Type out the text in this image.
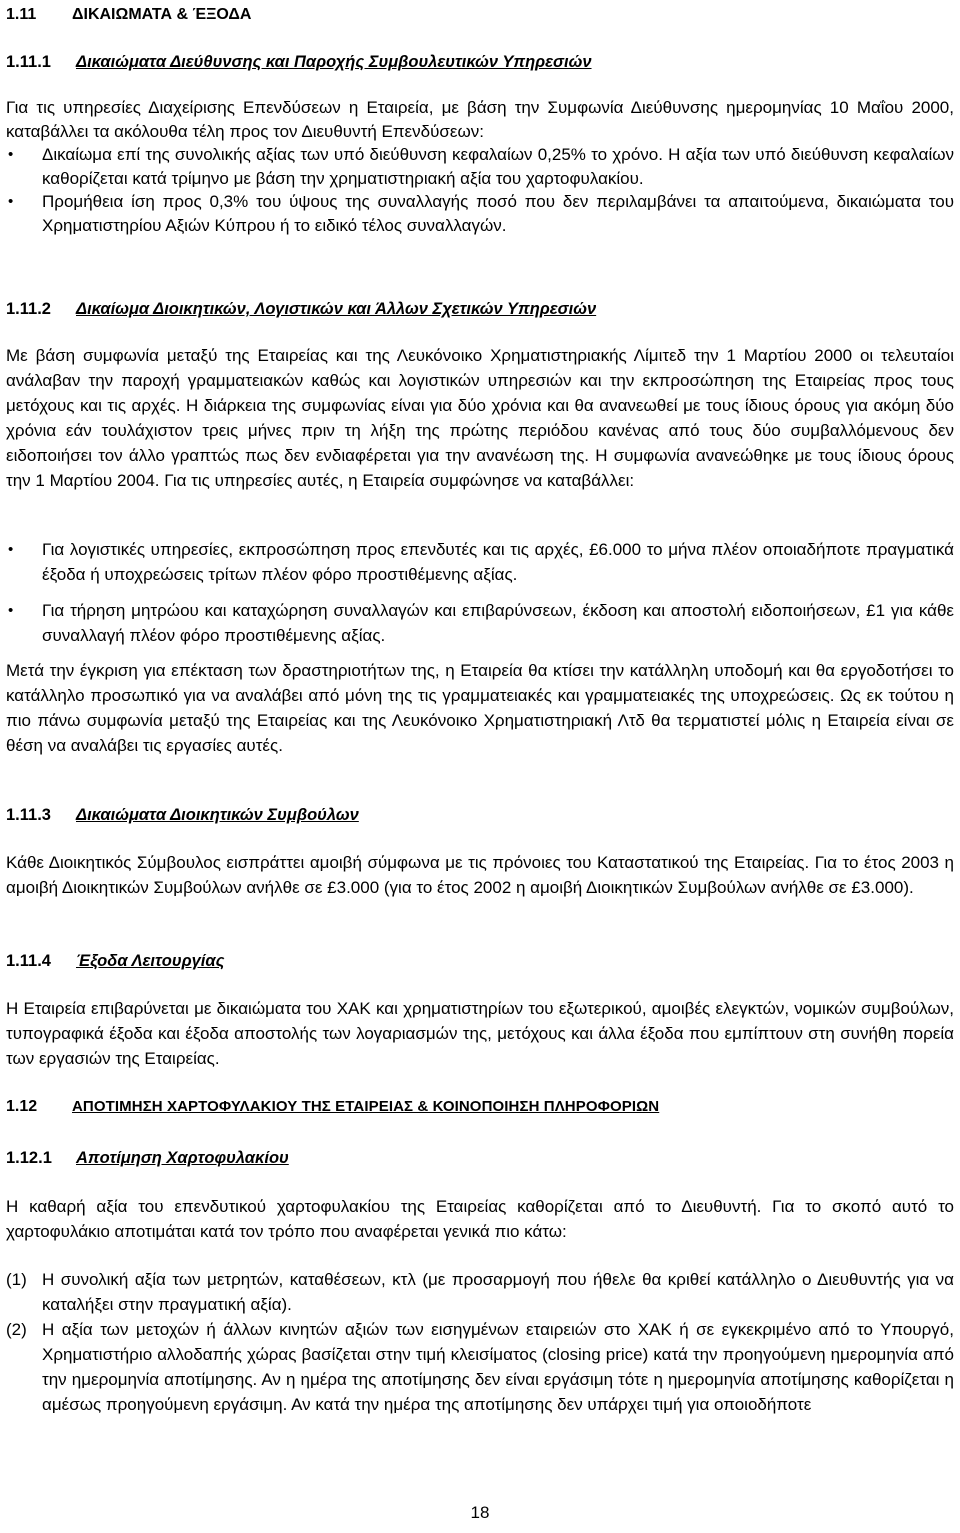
1.11 ΔΙΚΑΙΩΜΑΤΑ & ΈΞΟΔΑ
1.11.1 Δικαιώματα Διεύθυνσης και Παροχής Συμβουλευτικών Υπηρεσιών
Για τις υπηρεσίες Διαχείρισης Επενδύσεων η Εταιρεία, με βάση την Συμφωνία Διεύθυνσης ημερομηνίας 10 Μαΐου 2000, καταβάλλει τα ακόλουθα τέλη προς τον Διευθυντή Επενδύσεων:
• Δικαίωμα επί της συνολικής αξίας των υπό διεύθυνση κεφαλαίων 0,25% το χρόνο. Η αξία των υπό διεύθυνση κεφαλαίων καθορίζεται κατά τρίμηνο με βάση την χρηματιστηριακή αξία του χαρτοφυλακίου.
• Προμήθεια ίση προς 0,3% του ύψους της συναλλαγής ποσό που δεν περιλαμβάνει τα απαιτούμενα, δικαιώματα του Χρηματιστηρίου Αξιών Κύπρου ή το ειδικό τέλος συναλλαγών.
1.11.2 Δικαίωμα Διοικητικών, Λογιστικών και Άλλων Σχετικών Υπηρεσιών
Με βάση συμφωνία μεταξύ της Εταιρείας και της Λευκόνοικο Χρηματιστηριακής Λίμιτεδ την 1 Μαρτίου 2000 οι τελευταίοι ανάλαβαν την παροχή γραμματειακών καθώς και λογιστικών υπηρεσιών και την εκπροσώπηση της Εταιρείας προς τους μετόχους και τις αρχές. Η διάρκεια της συμφωνίας είναι για δύο χρόνια και θα ανανεωθεί με τους ίδιους όρους για ακόμη δύο χρόνια εάν τουλάχιστον τρεις μήνες πριν τη λήξη της πρώτης περιόδου κανένας από τους δύο συμβαλλόμενους δεν ειδοποιήσει τον άλλο γραπτώς πως δεν ενδιαφέρεται για την ανανέωση της. Η συμφωνία ανανεώθηκε με τους ίδιους όρους την 1 Μαρτίου 2004. Για τις υπηρεσίες αυτές, η Εταιρεία συμφώνησε να καταβάλλει:
• Για λογιστικές υπηρεσίες, εκπροσώπηση προς επενδυτές και τις αρχές, £6.000 το μήνα πλέον οποιαδήποτε πραγματικά έξοδα ή υποχρεώσεις τρίτων πλέον φόρο προστιθέμενης αξίας.
• Για τήρηση μητρώου και καταχώρηση συναλλαγών και επιβαρύνσεων, έκδοση και αποστολή ειδοποιήσεων, £1 για κάθε συναλλαγή πλέον φόρο προστιθέμενης αξίας.
Μετά την έγκριση για επέκταση των δραστηριοτήτων της, η Εταιρεία θα κτίσει την κατάλληλη υποδομή και θα εργοδοτήσει το κατάλληλο προσωπικό για να αναλάβει από μόνη της τις γραμματειακές και γραμματειακές της υποχρεώσεις. Ως εκ τούτου η πιο πάνω συμφωνία μεταξύ της Εταιρείας και της Λευκόνοικο Χρηματιστηριακή Λτδ θα τερματιστεί μόλις η Εταιρεία είναι σε θέση να αναλάβει τις εργασίες αυτές.
1.11.3 Δικαιώματα Διοικητικών Συμβούλων
Κάθε Διοικητικός Σύμβουλος εισπράττει αμοιβή σύμφωνα με τις πρόνοιες του Καταστατικού της Εταιρείας. Για το έτος 2003 η αμοιβή Διοικητικών Συμβούλων ανήλθε σε £3.000 (για το έτος 2002 η αμοιβή Διοικητικών Συμβούλων ανήλθε σε £3.000).
1.11.4 Έξοδα Λειτουργίας
Η Εταιρεία επιβαρύνεται με δικαιώματα του ΧΑΚ και χρηματιστηρίων του εξωτερικού, αμοιβές ελεγκτών, νομικών συμβούλων, τυπογραφικά έξοδα και έξοδα αποστολής των λογαριασμών της, μετόχους και άλλα έξοδα που εμπίπτουν στη συνήθη πορεία των εργασιών της Εταιρείας.
1.12 ΑΠΟΤΙΜΗΣΗ ΧΑΡΤΟΦΥΛΑΚΙΟΥ ΤΗΣ ΕΤΑΙΡΕΙΑΣ & ΚΟΙΝΟΠΟΙΗΣΗ ΠΛΗΡΟΦΟΡΙΩΝ
1.12.1 Αποτίμηση Χαρτοφυλακίου
Η καθαρή αξία του επενδυτικού χαρτοφυλακίου της Εταιρείας καθορίζεται από το Διευθυντή. Για το σκοπό αυτό το χαρτοφυλάκιο αποτιμάται κατά τον τρόπο που αναφέρεται γενικά πιο κάτω:
(1) Η συνολική αξία των μετρητών, καταθέσεων, κτλ (με προσαρμογή που ήθελε θα κριθεί κατάλληλο ο Διευθυντής για να καταλήξει στην πραγματική αξία).
(2) Η αξία των μετοχών ή άλλων κινητών αξιών των εισηγμένων εταιρειών στο ΧΑΚ ή σε εγκεκριμένο από το Υπουργό, Χρηματιστήριο αλλοδαπής χώρας βασίζεται στην τιμή κλεισίματος (closing price) κατά την προηγούμενη ημερομηνία από την ημερομηνία αποτίμησης. Αν η ημέρα της αποτίμησης δεν είναι εργάσιμη τότε η ημερομηνία αποτίμησης καθορίζεται η αμέσως προηγούμενη εργάσιμη. Αν κατά την ημέρα της αποτίμησης δεν υπάρχει τιμή για οποιοδήποτε
18
